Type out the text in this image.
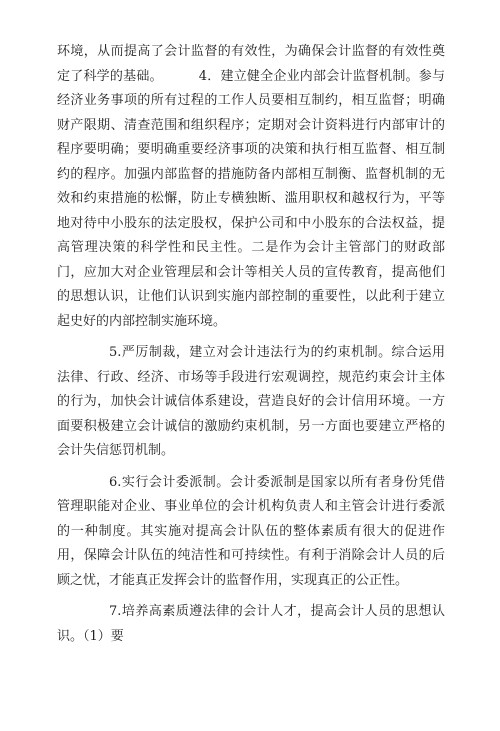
环境，从而提高了会计监督的有效性，为确保会计监督的有效性奠定了科学的基础。	4．建立健全企业内部会计监督机制。参与经济业务事项的所有过程的工作人员要相互制约，相互监督；明确财产限期、清查范围和组织程序；定期对会计资料进行内部审计的程序要明确；要明确重要经济事项的决策和执行相互监督、相互制约的程序。加强内部监督的措施防备内部相互制衡、监督机制的无效和约束措施的松懈，防止专横独断、滥用职权和越权行为，平等地对待中小股东的法定股权，保护公司和中小股东的合法权益，提高管理决策的科学性和民主性。二是作为会计主管部门的财政部门，应加大对企业管理层和会计等相关人员的宣传教育，提高他们的思想认识，让他们认识到实施内部控制的重要性，以此利于建立起史好的内部控制实施环境。

5.严厉制裁，建立对会计违法行为的约束机制。综合运用法律、行政、经济、市场等手段进行宏观调控，规范约束会计主体的行为，加快会计诚信体系建设，营造良好的会计信用环境。一方面要积极建立会计诚信的激励约束机制，另一方面也要建立严格的会计失信惩罚机制。

6.实行会计委派制。会计委派制是国家以所有者身份凭借管理职能对企业、事业单位的会计机构负责人和主管会计进行委派的一种制度。其实施对提高会计队伍的整体素质有很大的促进作用，保障会计队伍的纯洁性和可持续性。有利于消除会计人员的后顾之忧，才能真正发挥会计的监督作用，实现真正的公正性。

7.培养高素质遵法律的会计人才，提高会计人员的思想认识。（1）要
